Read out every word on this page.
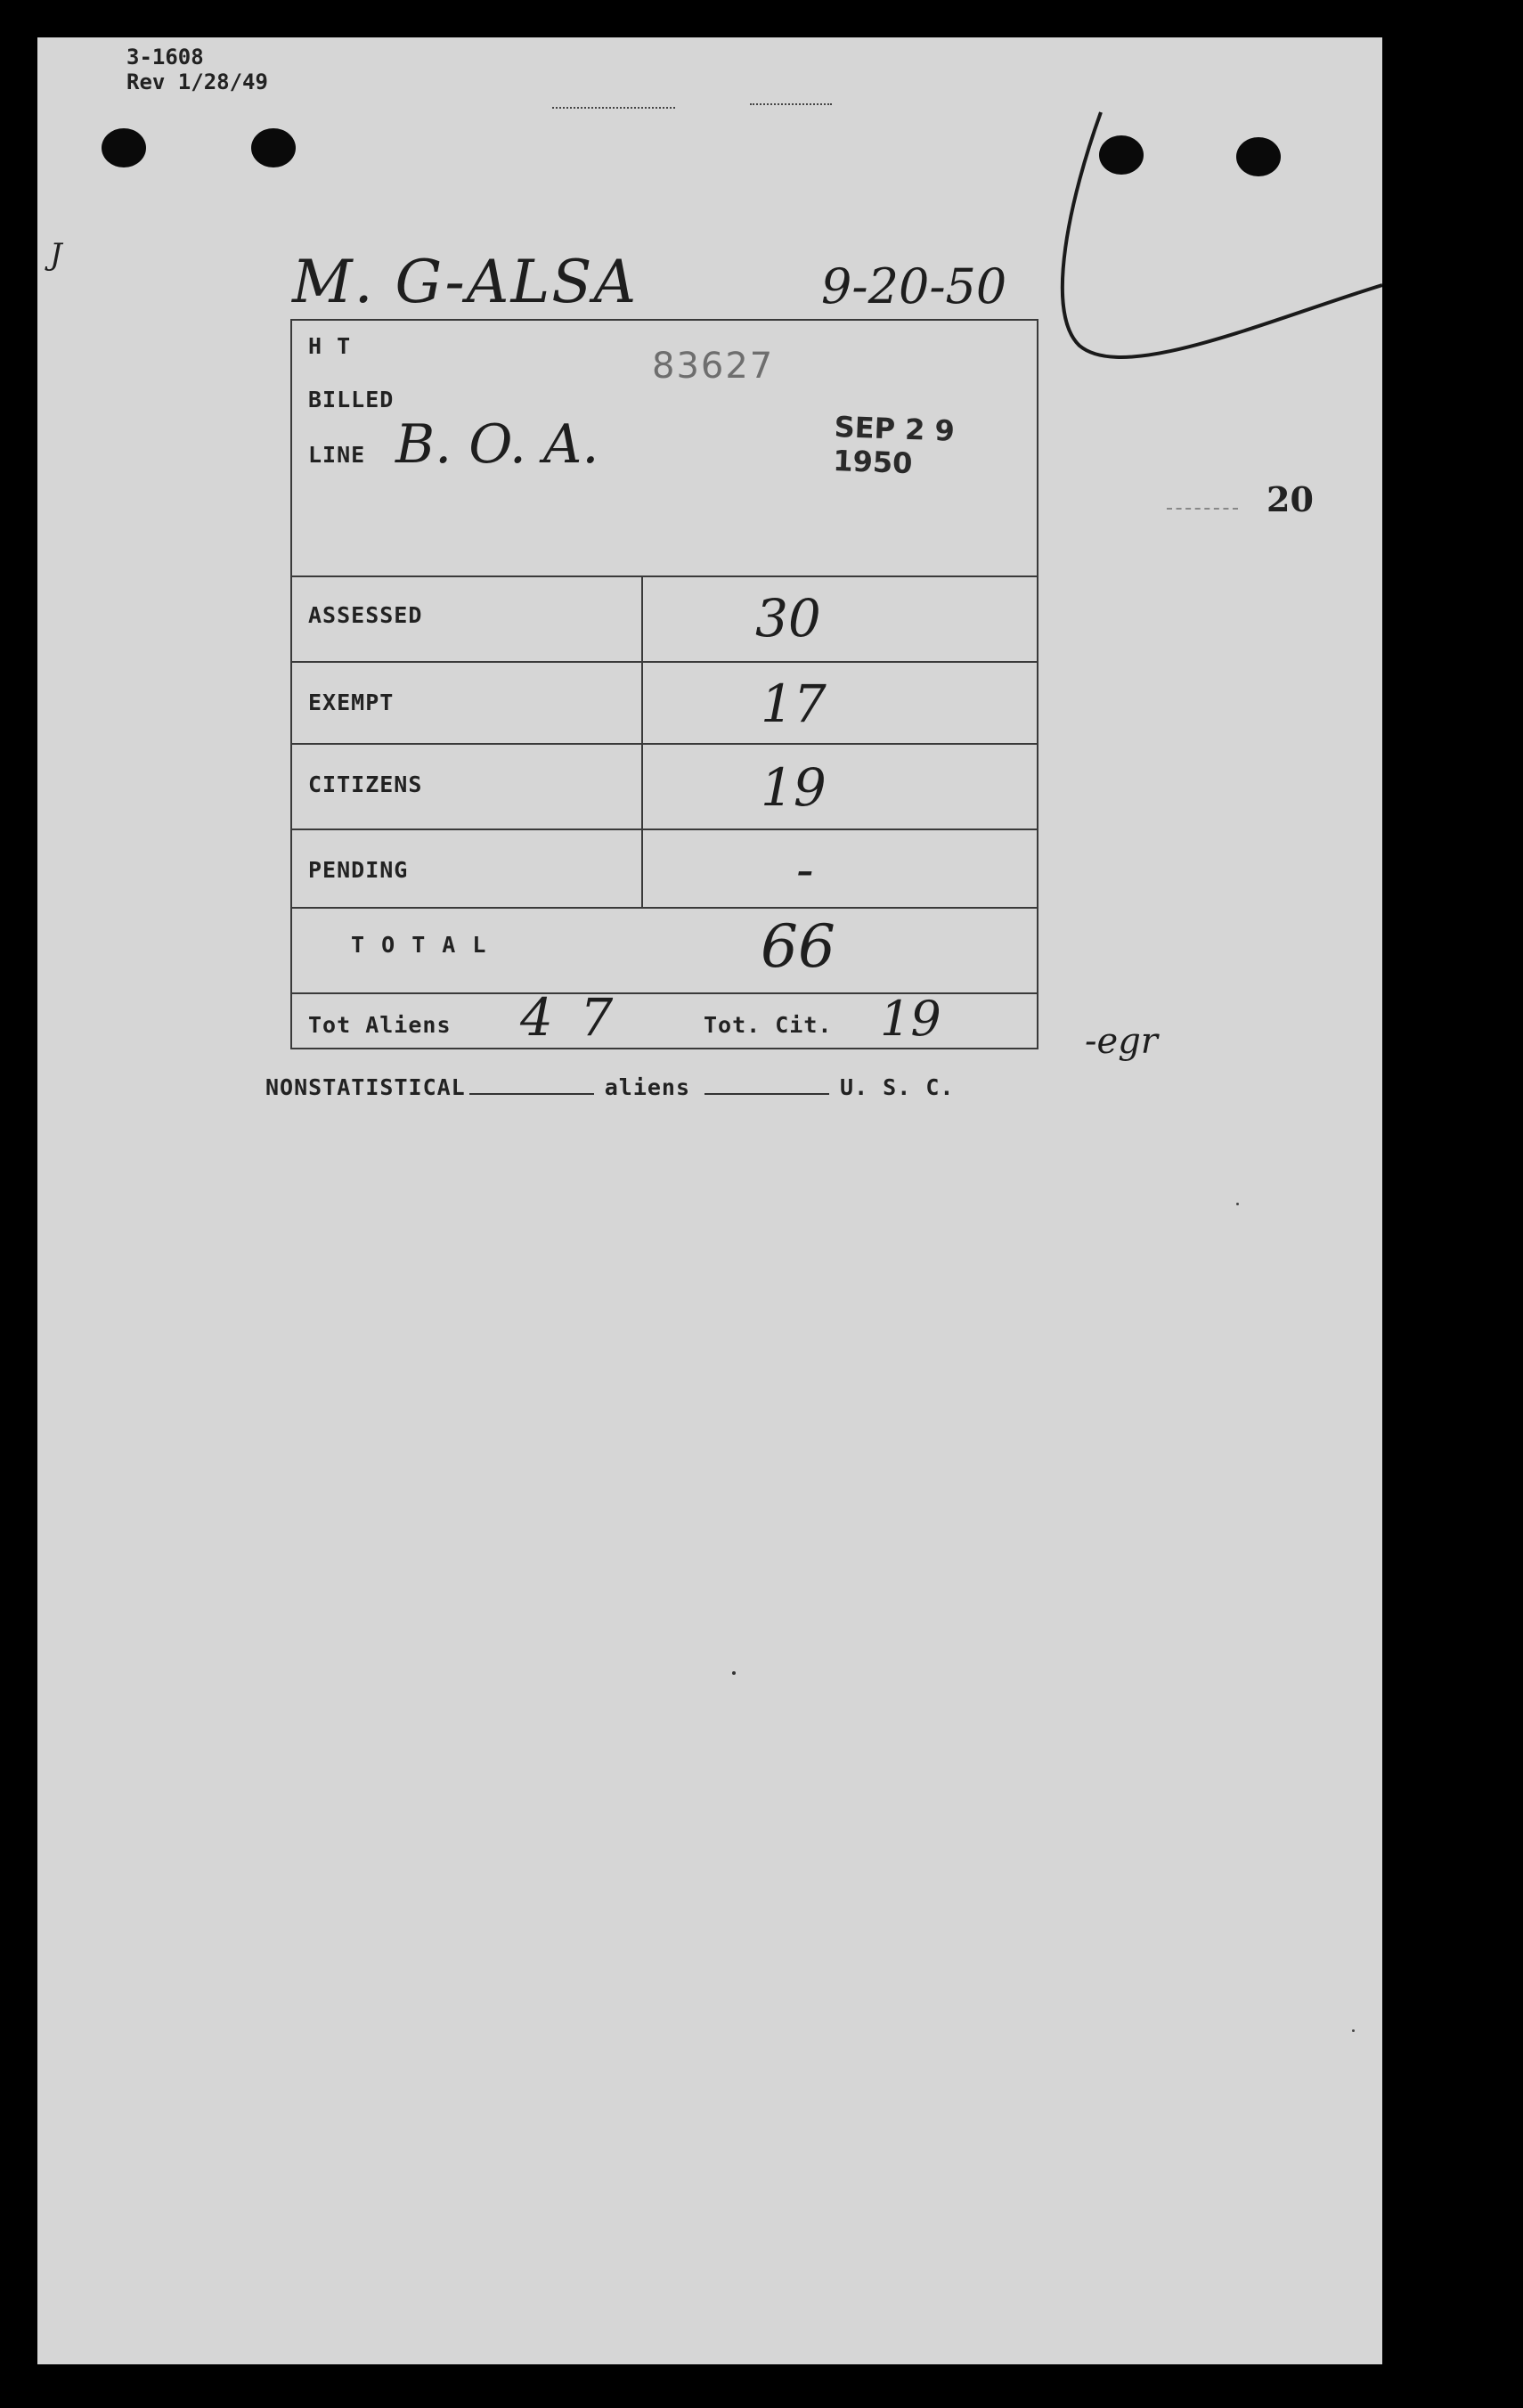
3-1608
Rev 1/28/49
J	M. G-ALSA	9-20-50
20
H T	83627
BILLED
LINE B. O. A.	SEP 2 9 1950
ASSESSED	30
EXEMPT	17
CITIZENS	19
PENDING	-
T O T A L	66
Tot Aliens 4 7	Tot. Cit. 19	-egr
NONSTATISTICAL	aliens	U. S. C.
